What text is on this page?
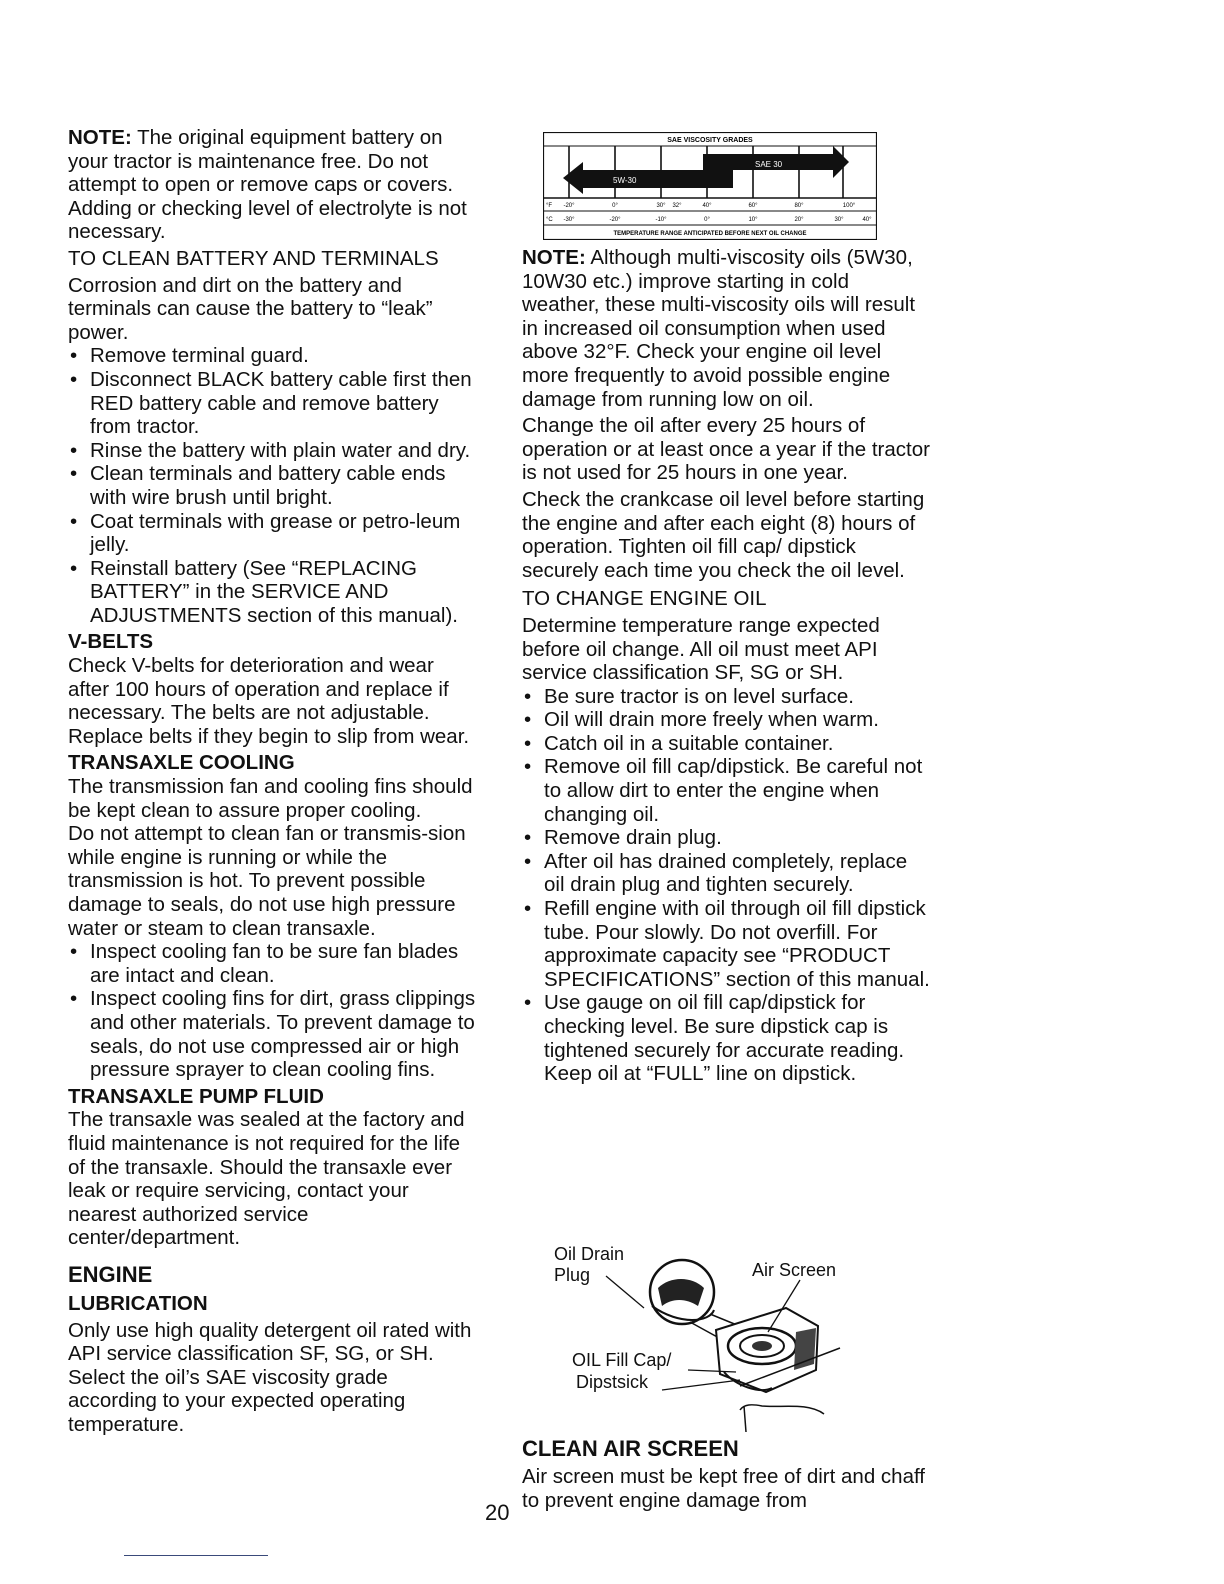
NOTE: The original equipment battery on your tractor is maintenance free. Do not attempt to open or remove caps or covers. Adding or checking level of electrolyte is not necessary.

TO CLEAN BATTERY AND TERMINALS

Corrosion and dirt on the battery and terminals can cause the battery to “leak” power.

• Remove terminal guard.
• Disconnect BLACK battery cable first then RED battery cable and remove battery from tractor.
• Rinse the battery with plain water and dry.
• Clean terminals and battery cable ends with wire brush until bright.
• Coat terminals with grease or petro-leum jelly.
• Reinstall battery (See “REPLACING BATTERY” in the SERVICE AND ADJUSTMENTS section of this manual).

V-BELTS

Check V-belts for deterioration and wear after 100 hours of operation and replace if necessary. The belts are not adjustable. Replace belts if they begin to slip from wear.

TRANSAXLE COOLING

The transmission fan and cooling fins should be kept clean to assure proper cooling.

Do not attempt to clean fan or transmis-sion while engine is running or while the transmission is hot. To prevent possible damage to seals, do not use high pressure water or steam to clean transaxle.

• Inspect cooling fan to be sure fan blades are intact and clean.
• Inspect cooling fins for dirt, grass clippings and other materials. To prevent damage to seals, do not use compressed air or high pressure sprayer to clean cooling fins.

TRANSAXLE PUMP FLUID

The transaxle was sealed at the factory and fluid maintenance is not required for the life of the transaxle. Should the transaxle ever leak or require servicing, contact your nearest authorized service center/department.

ENGINE

LUBRICATION

Only use high quality detergent oil rated with API service classification SF, SG, or SH. Select the oil’s SAE viscosity grade according to your expected operating temperature.

SAE VISCOSITY GRADES
5W-30
SAE 30
°F -20°	0°	30° 32°	40°	60°	80°	100°
°C -30°	-20°	-10°	0°	10°	20°	30°	40°
TEMPERATURE RANGE ANTICIPATED BEFORE NEXT OIL CHANGE

NOTE: Although multi-viscosity oils (5W30, 10W30 etc.) improve starting in cold weather, these multi-viscosity oils will result in increased oil consumption when used above 32°F. Check your engine oil level more frequently to avoid possible engine damage from running low on oil.

Change the oil after every 25 hours of operation or at least once a year if the tractor is not used for 25 hours in one year.

Check the crankcase oil level before starting the engine and after each eight (8) hours of operation. Tighten oil fill cap/ dipstick securely each time you check the oil level.

TO CHANGE ENGINE OIL

Determine temperature range expected before oil change. All oil must meet API service classification SF, SG or SH.

• Be sure tractor is on level surface.
• Oil will drain more freely when warm.
• Catch oil in a suitable container.
• Remove oil fill cap/dipstick. Be careful not to allow dirt to enter the engine when changing oil.
• Remove drain plug.
• After oil has drained completely, replace oil drain plug and tighten securely.
• Refill engine with oil through oil fill dipstick tube. Pour slowly. Do not overfill. For approximate capacity see “PRODUCT SPECIFICATIONS” section of this manual.
• Use gauge on oil fill cap/dipstick for checking level. Be sure dipstick cap is tightened securely for accurate reading. Keep oil at “FULL” line on dipstick.
Oil Drain Plug	Air Screen
OIL Fill Cap/
Dipstsick

CLEAN AIR SCREEN

Air screen must be kept free of dirt and chaff to prevent engine damage from

20
